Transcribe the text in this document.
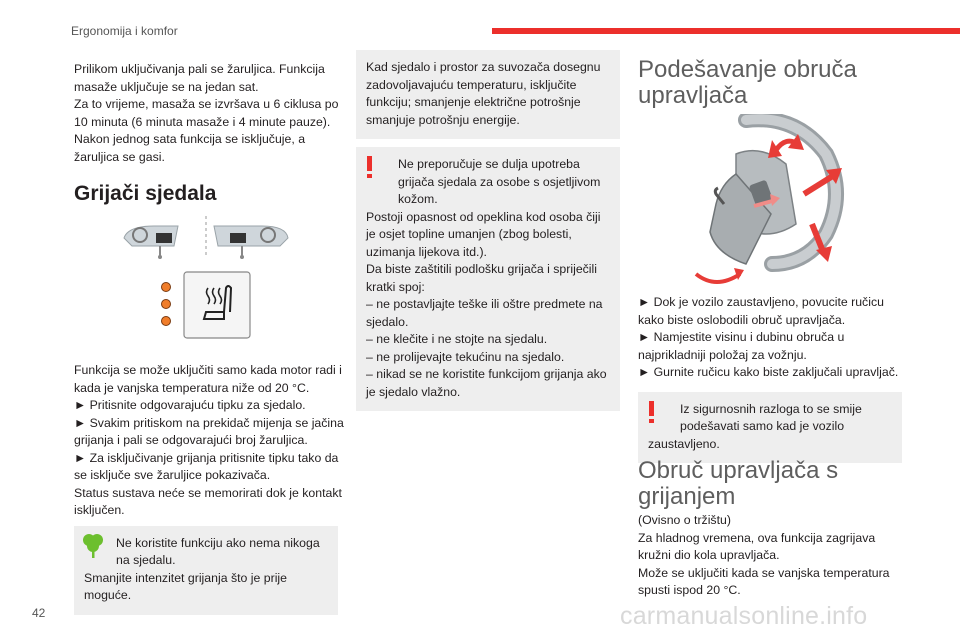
Ergonomija i komfor

Prilikom uključivanja pali se žaruljica. Funkcija masaže uključuje se na jedan sat.

Za to vrijeme, masaža se izvršava u 6 ciklusa po 10 minuta (6 minuta masaže i 4 minute pauze).

Nakon jednog sata funkcija se isključuje, a žaruljica se gasi.

Grijači sjedala

Funkcija se može uključiti samo kada motor radi i kada je vanjska temperatura niže od 20 °C.

► Pritisnite odgovarajuću tipku za sjedalo.

► Svakim pritiskom na prekidač mijenja se jačina grijanja i pali se odgovarajući broj žaruljica.

► Za isključivanje grijanja pritisnite tipku tako da se isključe sve žaruljice pokazivača.

Status sustava neće se memorirati dok je kontakt isključen.

Ne koristite funkciju ako nema nikoga na sjedalu.
Smanjite intenzitet grijanja što je prije moguće.

Kad sjedalo i prostor za suvozača dosegnu zadovoljavajuću temperaturu, isključite funkciju; smanjenje električne potrošnje smanjuje potrošnju energije.

Ne preporučuje se dulja upotreba grijača sjedala za osobe s osjetljivom kožom.
Postoji opasnost od opeklina kod osoba čiji je osjet topline umanjen (zbog bolesti, uzimanja lijekova itd.).
Da biste zaštitili podlošku grijača i spriječili kratki spoj:
– ne postavljajte teške ili oštre predmete na sjedalo.
– ne klečite i ne stojte na sjedalu.
– ne prolijevajte tekućinu na sjedalo.
– nikad se ne koristite funkcijom grijanja ako je sjedalo vlažno.
Podešavanje obruča upravljača

► Dok je vozilo zaustavljeno, povucite ručicu kako biste oslobodili obruč upravljača.

► Namjestite visinu i dubinu obruča u najprikladniji položaj za vožnju.

► Gurnite ručicu kako biste zaključali upravljač.

Iz sigurnosnih razloga to se smije podešavati samo kad je vozilo
zaustavljeno.
Obruč upravljača s grijanjem

(Ovisno o tržištu)

Za hladnog vremena, ova funkcija zagrijava kružni dio kola upravljača.

Može se uključiti kada se vanjska temperatura spusti ispod 20 °C.

42	carmanualsonline.info
